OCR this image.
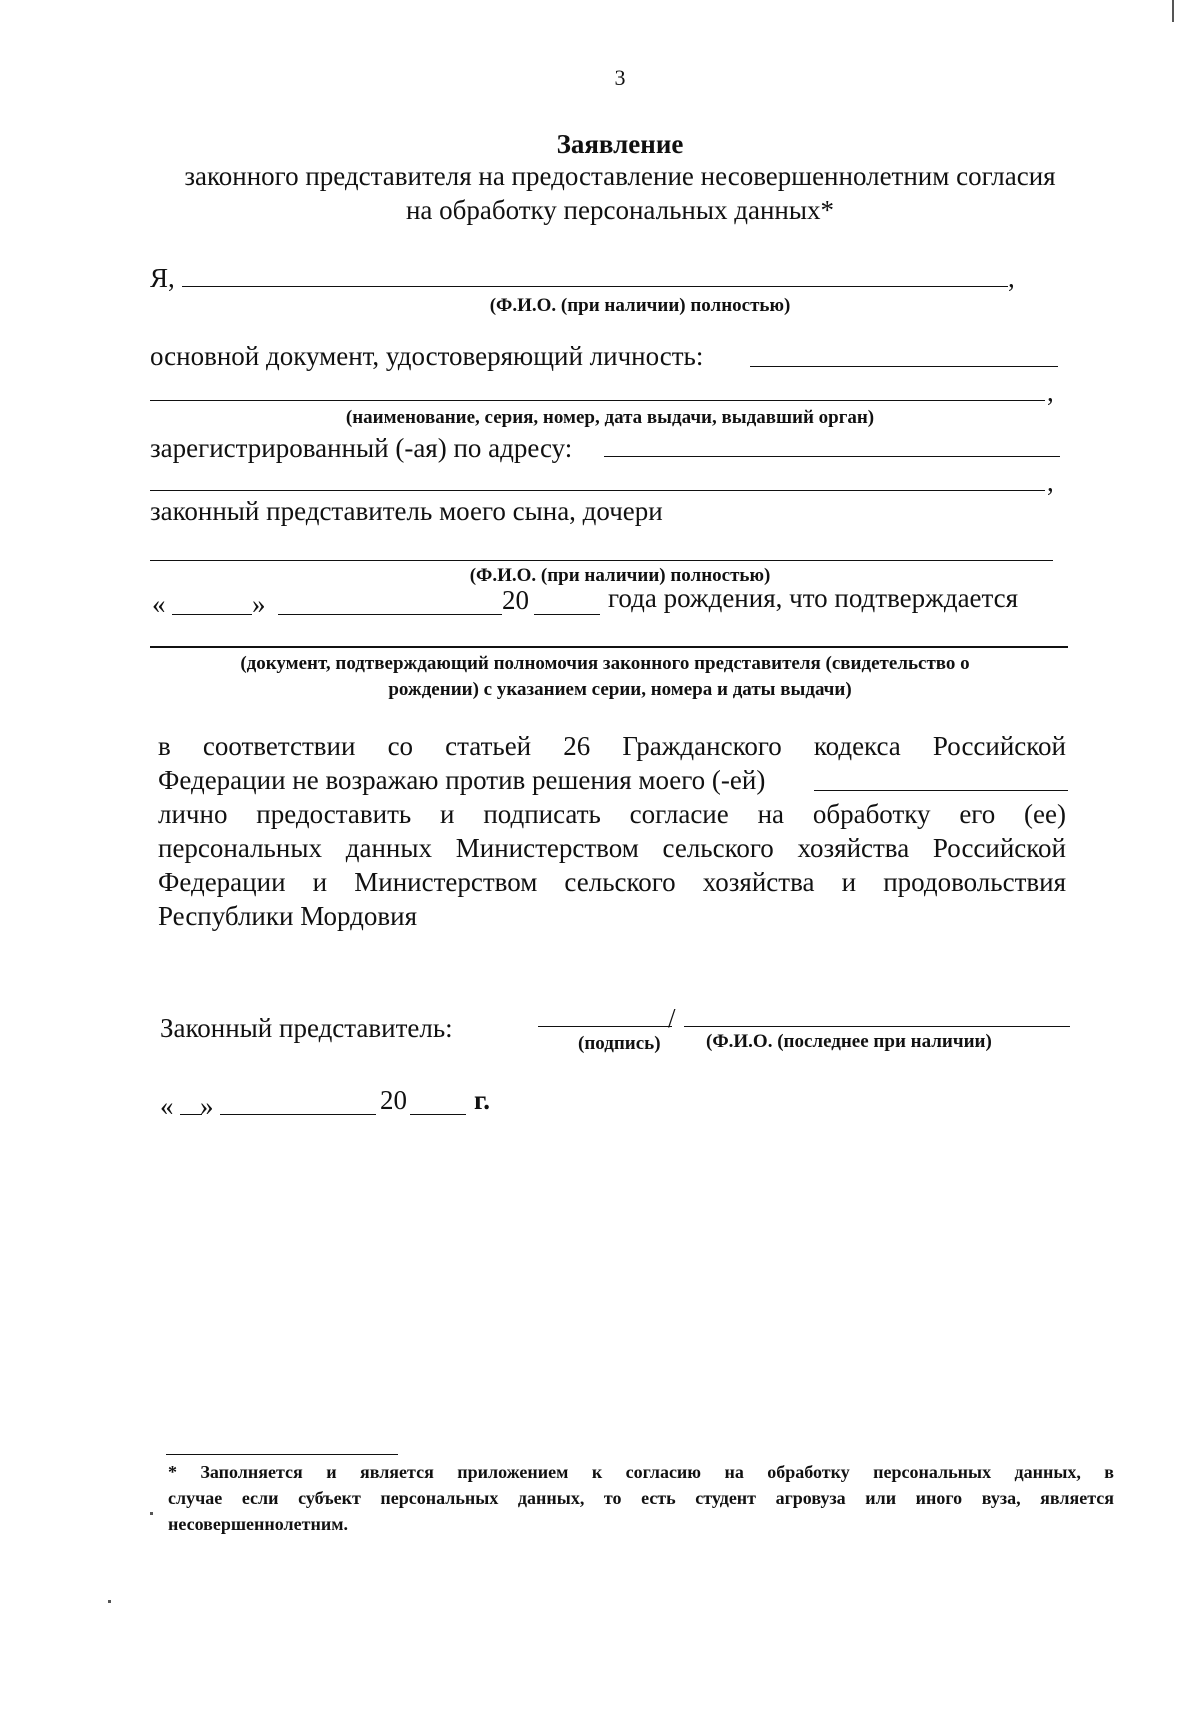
3
Заявление
законного представителя на предоставление несовершеннолетним согласия
на обработку персональных данных*
Я,	,
(Ф.И.О. (при наличии) полностью)
основной документ, удостоверяющий личность:
,
(наименование, серия, номер, дата выдачи, выдавший орган)
зарегистрированный (-ая) по адресу:
,
законный представитель моего сына, дочери
(Ф.И.О. (при наличии) полностью)
«	»	20	года рождения, что подтверждается
(документ, подтверждающий полномочия законного представителя (свидетельство о
рождении) с указанием серии, номера и даты выдачи)
в соответствии со статьей 26 Гражданского кодекса Российской
Федерации не возражаю против решения моего (-ей)
лично предоставить и подписать согласие на обработку его (ее)
персональных данных Министерством сельского хозяйства Российской
Федерации и Министерством сельского хозяйства и продовольствия
Республики Мордовия
Законный представитель:	/
(подпись) (Ф.И.О. (последнее при наличии)
« »	20 г.
* Заполняется и является приложением к согласию на обработку персональных данных, в
случае если субъект персональных данных, то есть студент агровуза или иного вуза, является
несовершеннолетним.
